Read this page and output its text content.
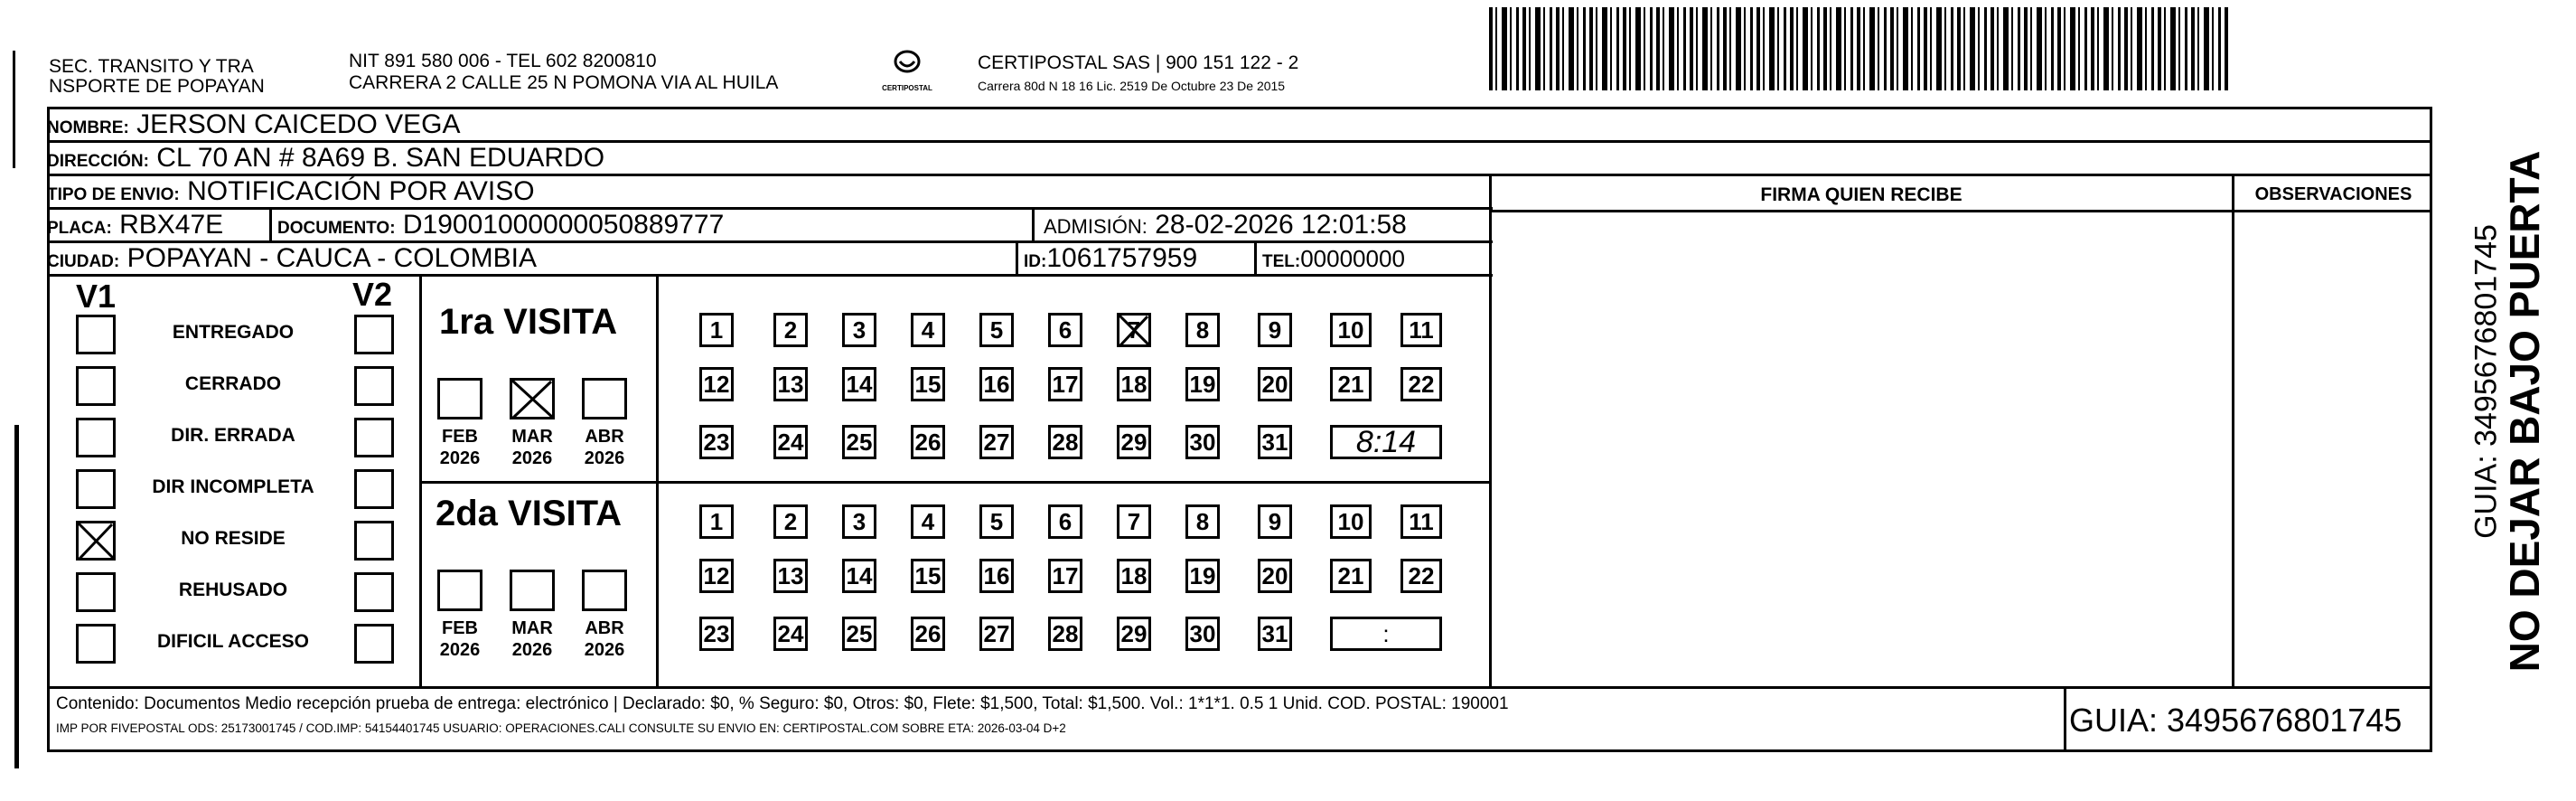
SEC. TRANSITO Y TRA
NSPORTE DE POPAYAN
NIT 891 580 006 - TEL 602 8200810
CARRERA 2 CALLE 25 N POMONA VIA AL HUILA	CERTIPOSTAL
CERTIPOSTAL SAS | 900 151 122 - 2
Carrera 80d N 18 16 Lic. 2519 De Octubre 23 De 2015
NOMBRE: JERSON CAICEDO VEGA
DIRECCIÓN: CL 70 AN # 8A69 B. SAN EDUARDO
TIPO DE ENVIO: NOTIFICACIÓN POR AVISO
PLACA: RBX47E	DOCUMENTO: D19001000000050889777	ADMISIÓN: 28-02-2026 12:01:58
CIUDAD: POPAYAN - CAUCA - COLOMBIA	ID:1061757959	TEL:00000000
FIRMA QUIEN RECIBE	OBSERVACIONES
V1	V2
ENTREGADO
CERRADO
DIR. ERRADA
DIR INCOMPLETA
NO RESIDE
REHUSADO
DIFICIL ACCESO
1ra VISITA
2da VISITA
FEB
2026
MAR
2026
ABR
2026
1	2	3	4	5	6	7	8	9	10	11
12 13 14 15 16 17 18 19 20	21	22
23 24 25 26 27 28 29 30 31	8:14
FEB
2026
MAR
2026
ABR
2026
1	2	3	4	5	6	7	8	9	10	11
12 13 14 15 16 17 18 19 20	21	22
23 24 25 26 27 28 29 30 31	:
Contenido: Documentos Medio recepción prueba de entrega: electrónico | Declarado: $0, % Seguro: $0, Otros: $0, Flete: $1,500, Total: $1,500. Vol.: 1*1*1. 0.5 1 Unid. COD. POSTAL: 190001
IMP POR FIVEPOSTAL ODS: 25173001745 / COD.IMP: 54154401745 USUARIO: OPERACIONES.CALI CONSULTE SU ENVIO EN: CERTIPOSTAL.COM SOBRE ETA: 2026-03-04 D+2	GUIA: 3495676801745
NO DEJAR BAJO PUERTA
GUIA: 3495676801745
